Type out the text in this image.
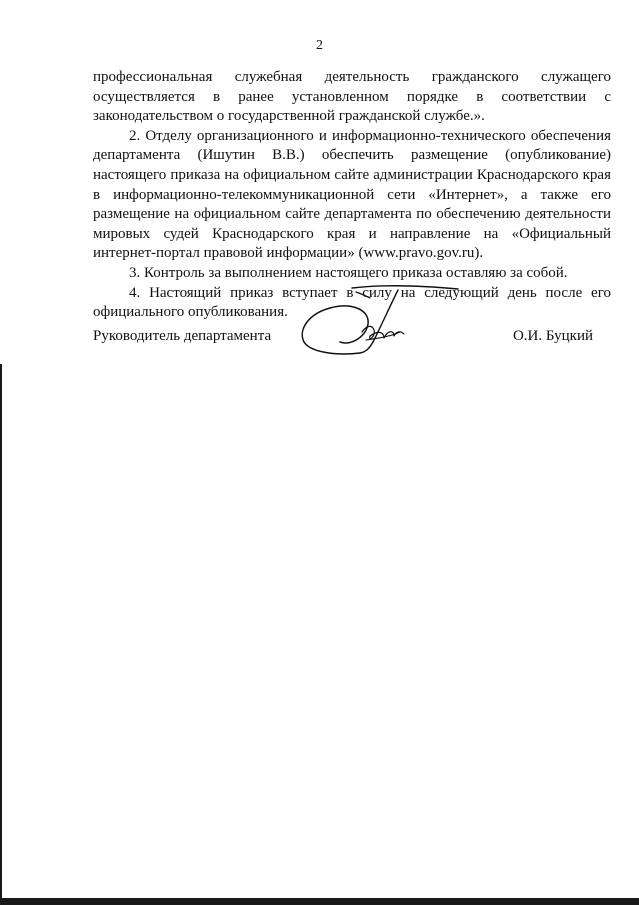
2

профессиональная служебная деятельность гражданского служащего осуществляется в ранее установленном порядке в соответствии с законодательством о государственной гражданской службе.».

2. Отделу организационного и информационно-технического обеспечения департамента (Ишутин В.В.) обеспечить размещение (опубликование) настоящего приказа на официальном сайте администрации Краснодарского края в информационно-телекоммуникационной сети «Интернет», а также его размещение на официальном сайте департамента по обеспечению деятельности мировых судей Краснодарского края и направление на «Официальный интернет-портал правовой информации» (www.pravo.gov.ru).

3. Контроль за выполнением настоящего приказа оставляю за собой.

4. Настоящий приказ вступает в силу на следующий день после его официального опубликования.

Руководитель департамента	О.И. Буцкий
